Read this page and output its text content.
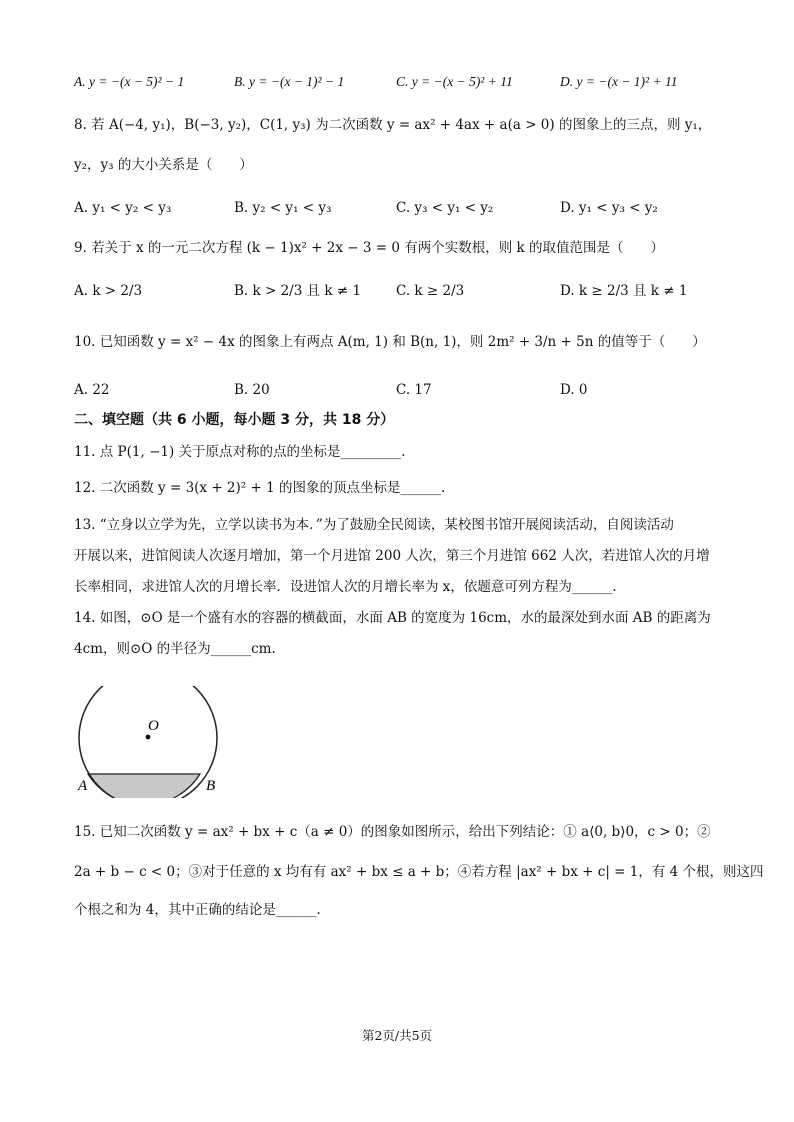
A. y = −(x − 5)² − 1	B. y = −(x − 1)² − 1	C. y = −(x − 5)² + 11	D. y = −(x − 1)² + 11
8. 若 A(−4, y₁)，B(−3, y₂)，C(1, y₃) 为二次函数 y = ax² + 4ax + a(a > 0) 的图象上的三点，则 y₁，
y₂，y₃ 的大小关系是（　　）
A. y₁ < y₂ < y₃	B. y₂ < y₁ < y₃	C. y₃ < y₁ < y₂	D. y₁ < y₃ < y₂
9. 若关于 x 的一元二次方程 (k − 1)x² + 2x − 3 = 0 有两个实数根，则 k 的取值范围是（　　）
A. k > 2/3	B. k > 2/3 且 k ≠ 1	C. k ≥ 2/3	D. k ≥ 2/3 且 k ≠ 1
10. 已知函数 y = x² − 4x 的图象上有两点 A(m, 1) 和 B(n, 1)，则 2m² + 3/n + 5n 的值等于（　　）
A. 22	B. 20	C. 17	D. 0
二、填空题（共 6 小题，每小题 3 分，共 18 分）
11. 点 P(1, −1) 关于原点对称的点的坐标是_________.
12. 二次函数 y = 3(x + 2)² + 1 的图象的顶点坐标是______.
13. “立身以立学为先，立学以读书为本．”为了鼓励全民阅读，某校图书馆开展阅读活动，自阅读活动
开展以来，进馆阅读人次逐月增加，第一个月进馆 200 人次，第三个月进馆 662 人次，若进馆人次的月增
长率相同，求进馆人次的月增长率．设进馆人次的月增长率为 x，依题意可列方程为______.
14. 如图，⊙O 是一个盛有水的容器的横截面，水面 AB 的宽度为 16cm，水的最深处到水面 AB 的距离为
4cm，则⊙O 的半径为______cm.
O
A	B
15. 已知二次函数 y = ax² + bx + c（a ≠ 0）的图象如图所示，给出下列结论：① a⟨0, b⟩0，c > 0；②
2a + b − c < 0；③对于任意的 x 均有有 ax² + bx ≤ a + b；④若方程 |ax² + bx + c| = 1，有 4 个根，则这四
个根之和为 4，其中正确的结论是______.
第2页/共5页
